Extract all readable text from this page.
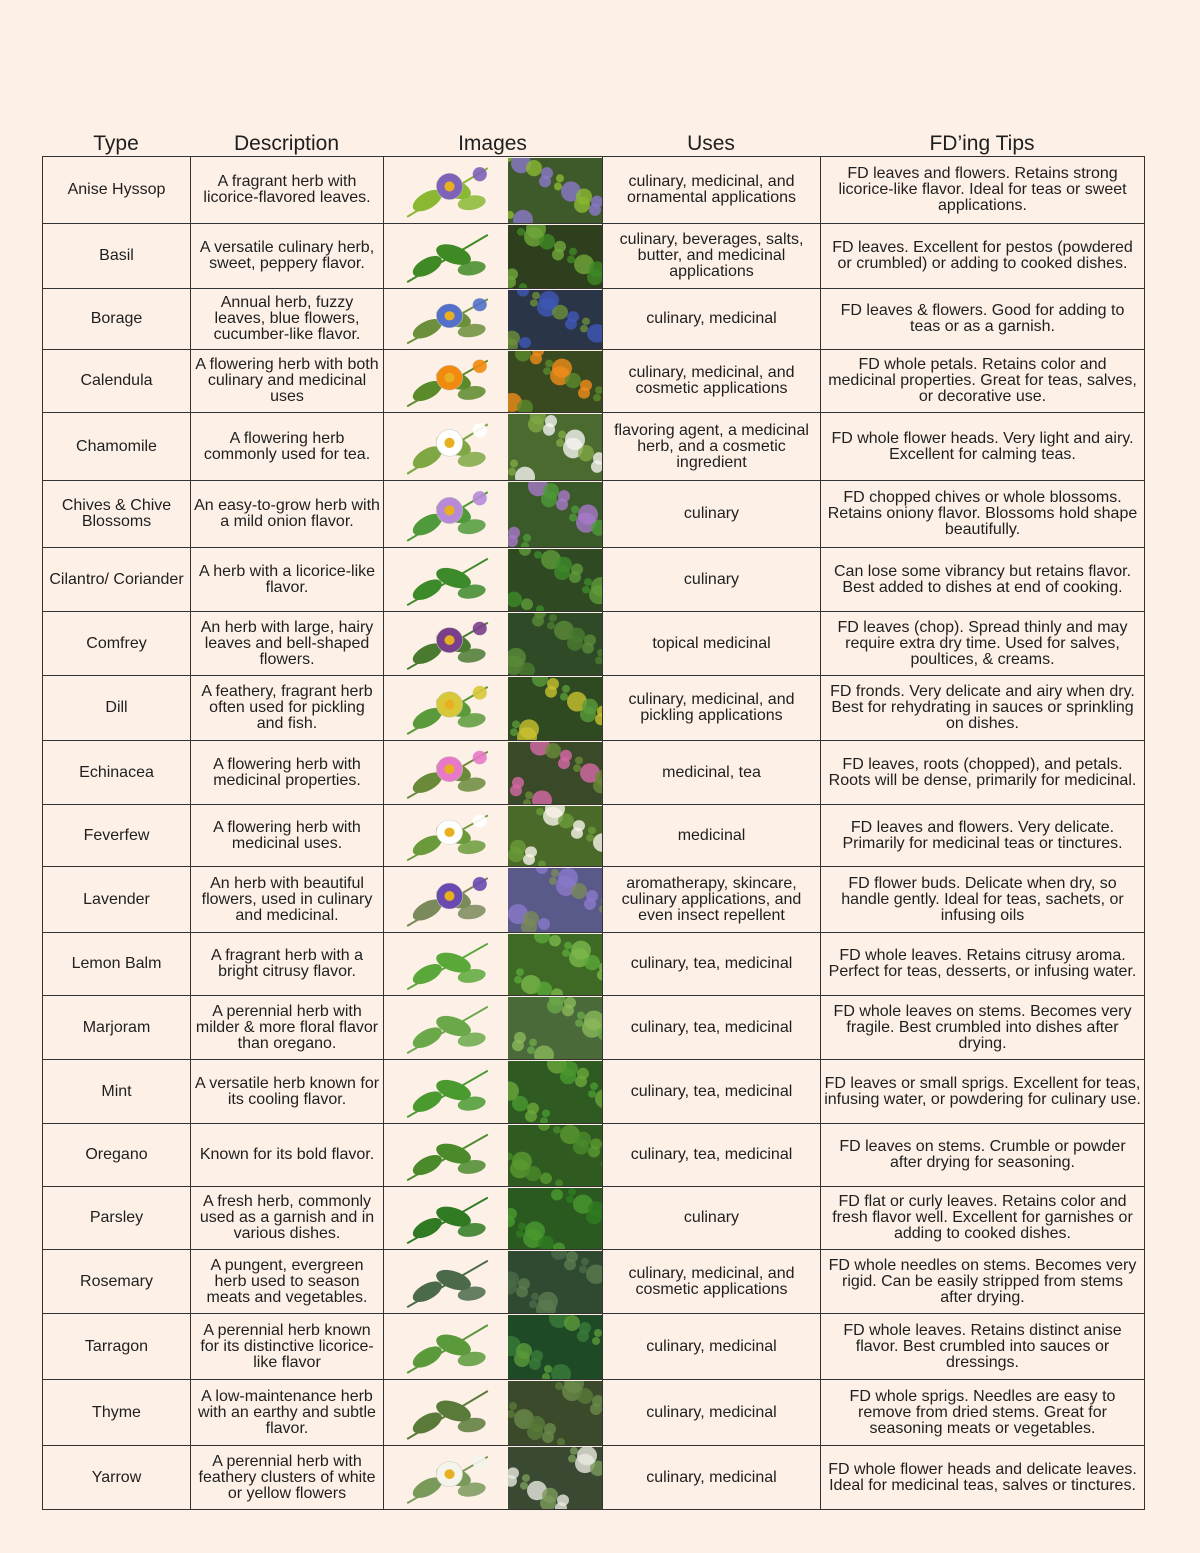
Type	Description	Images	Uses	FD’ing Tips
Anise Hyssop	A fragrant herb with licorice-flavored leaves.		culinary, medicinal, and ornamental applications	FD leaves and flowers. Retains strong licorice-like flavor. Ideal for teas or sweet applications.
Basil	A versatile culinary herb, sweet, peppery flavor.		culinary, beverages, salts, butter, and medicinal applications	FD leaves. Excellent for pestos (powdered or crumbled) or adding to cooked dishes.
Borage	Annual herb, fuzzy leaves, blue flowers, cucumber-like flavor.		culinary, medicinal	FD leaves & flowers. Good for adding to teas or as a garnish.
Calendula	A flowering herb with both culinary and medicinal uses		culinary, medicinal, and cosmetic applications	FD whole petals. Retains color and medicinal properties. Great for teas, salves, or decorative use.
Chamomile	A flowering herb commonly used for tea.		flavoring agent, a medicinal herb, and a cosmetic ingredient	FD whole flower heads. Very light and airy. Excellent for calming teas.
Chives & Chive Blossoms	An easy-to-grow herb with a mild onion flavor.		culinary	FD chopped chives or whole blossoms. Retains oniony flavor. Blossoms hold shape beautifully.
Cilantro/ Coriander	A herb with a licorice-like flavor.		culinary	Can lose some vibrancy but retains flavor. Best added to dishes at end of cooking.
Comfrey	An herb with large, hairy leaves and bell-shaped flowers.		topical medicinal	FD leaves (chop). Spread thinly and may require extra dry time. Used for salves, poultices, & creams.
Dill	A feathery, fragrant herb often used for pickling and fish.		culinary, medicinal, and pickling applications	FD fronds. Very delicate and airy when dry. Best for rehydrating in sauces or sprinkling on dishes.
Echinacea	A flowering herb with medicinal properties.		medicinal, tea	FD leaves, roots (chopped), and petals. Roots will be dense, primarily for medicinal.
Feverfew	A flowering herb with medicinal uses.		medicinal	FD leaves and flowers. Very delicate. Primarily for medicinal teas or tinctures.
Lavender	An herb with beautiful flowers, used in culinary and medicinal.		aromatherapy, skincare, culinary applications, and even insect repellent	FD flower buds. Delicate when dry, so handle gently. Ideal for teas, sachets, or infusing oils
Lemon Balm	A fragrant herb with a bright citrusy flavor.		culinary, tea, medicinal	FD whole leaves. Retains citrusy aroma. Perfect for teas, desserts, or infusing water.
Marjoram	A perennial herb with milder & more floral flavor than oregano.		culinary, tea, medicinal	FD whole leaves on stems. Becomes very fragile. Best crumbled into dishes after drying.
Mint	A versatile herb known for its cooling flavor.		culinary, tea, medicinal	FD leaves or small sprigs. Excellent for teas, infusing water, or powdering for culinary use.
Oregano	Known for its bold flavor.		culinary, tea, medicinal	FD leaves on stems. Crumble or powder after drying for seasoning.
Parsley	A fresh herb, commonly used as a garnish and in various dishes.		culinary	FD flat or curly leaves. Retains color and fresh flavor well. Excellent for garnishes or adding to cooked dishes.
Rosemary	A pungent, evergreen herb used to season meats and vegetables.		culinary, medicinal, and cosmetic applications	FD whole needles on stems. Becomes very rigid. Can be easily stripped from stems after drying.
Tarragon	A perennial herb known for its distinctive licorice-like flavor		culinary, medicinal	FD whole leaves. Retains distinct anise flavor. Best crumbled into sauces or dressings.
Thyme	A low-maintenance herb with an earthy and subtle flavor.		culinary, medicinal	FD whole sprigs. Needles are easy to remove from dried stems. Great for seasoning meats or vegetables.
Yarrow	A perennial herb with feathery clusters of white or yellow flowers		culinary, medicinal	FD whole flower heads and delicate leaves. Ideal for medicinal teas, salves or tinctures.
